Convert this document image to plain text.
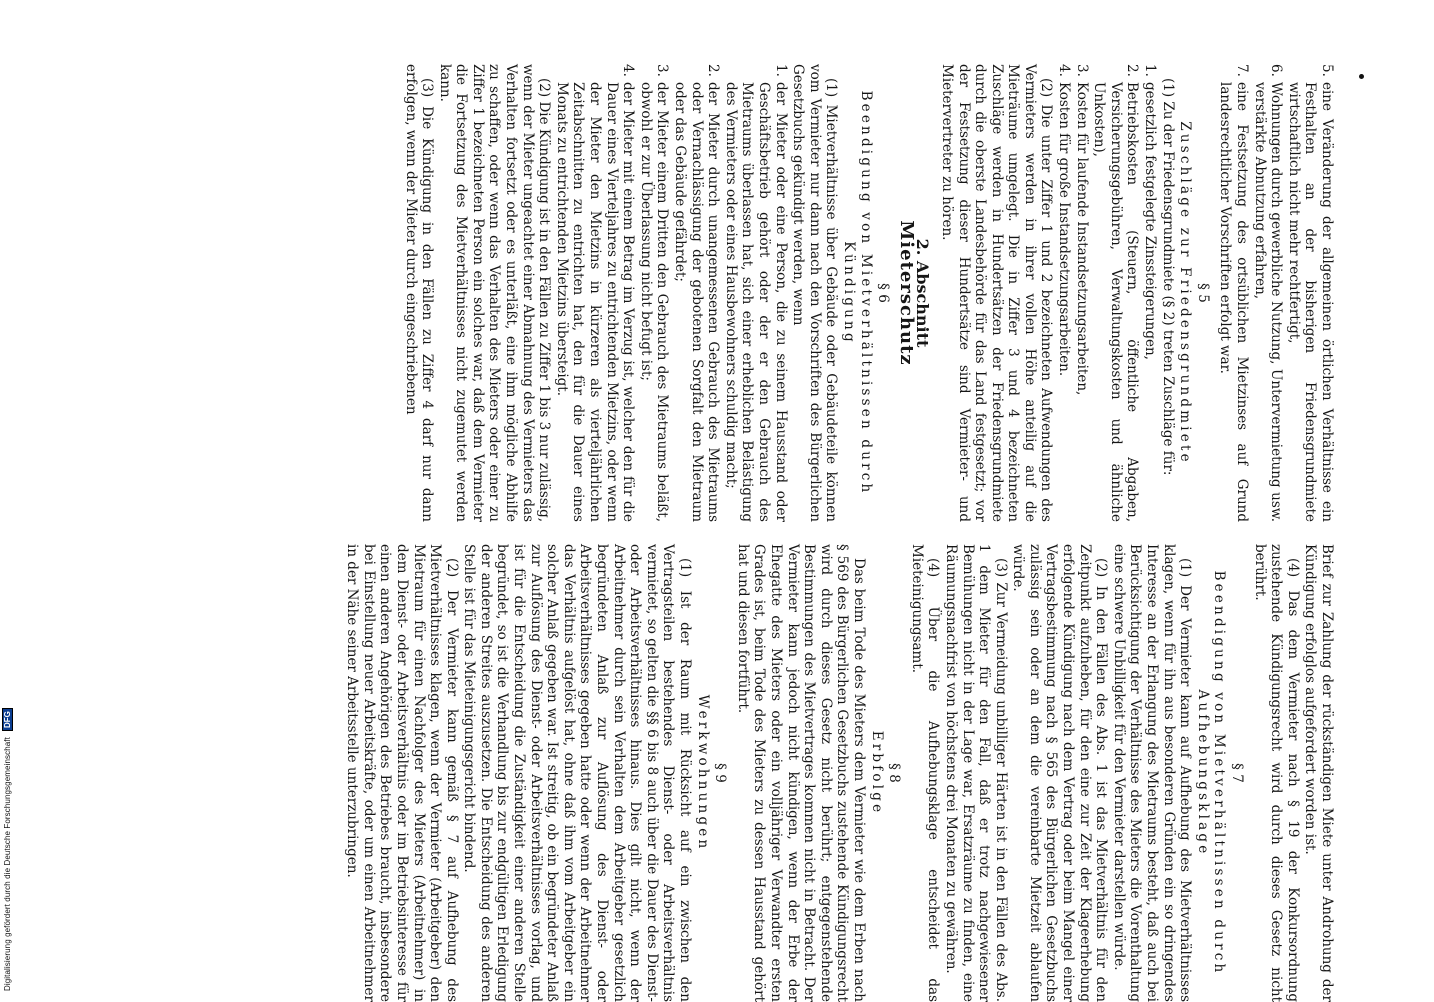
Digitalisierung gefördert durch die Deutsche Forschungsgemeinschaft
DFG

5.
eine Veränderung der allgemeinen örtlichen Verhältnisse ein Festhalten an der bisherigen Friedensgrundmiete wirtschaftlich nicht mehr rechtfertigt,

6.
Wohnungen durch gewerbliche Nutzung, Untervermietung usw. verstärkte Abnutzung erfahren,

7.
eine Festsetzung des ortsüblichen Mietzinses auf Grund landesrechtlicher Vorschriften erfolgt war.

§ 5
Zuschläge zur Friedensgrundmiete

(1) Zu der Friedensgrundmiete (§ 2) treten Zuschläge für:

1.
gesetzlich festgelegte Zinssteigerungen,

2.
Betriebskosten (Steuern, öffentliche Abgaben, Versicherungsgebühren, Verwaltungskosten und ähnliche Unkosten),

3.
Kosten für laufende Instandsetzungsarbeiten,

4.
Kosten für große Instandsetzungsarbeiten.

(2) Die unter Ziffer 1 und 2 bezeichneten Aufwendungen des Vermieters werden in ihrer vollen Höhe anteilig auf die Mieträume umgelegt. Die in Ziffer 3 und 4 bezeichneten Zuschläge werden in Hundertsätzen der Friedensgrundmiete durch die oberste Landesbehörde für das Land festgesetzt; vor der Festsetzung dieser Hundertsätze sind Vermieter- und Mietervertreter zu hören.

2. Abschnitt
Mieterschutz
§ 6
Beendigung von Mietverhältnissen durch Kündigung

(1) Mietverhältnisse über Gebäude oder Gebäudeteile können vom Vermieter nur dann nach den Vorschriften des Bürgerlichen Gesetzbuchs gekündigt werden, wenn

1.
der Mieter oder eine Person, die zu seinem Hausstand oder Geschäftsbetrieb gehört oder der er den Gebrauch des Mietraums überlassen hat, sich einer erheblichen Belästigung des Vermieters oder eines Hausbewohners schuldig macht;

2.
der Mieter durch unangemessenen Gebrauch des Mietraums oder Vernachlässigung der gebotenen Sorgfalt den Mietraum oder das Gebäude gefährdet;

3.
der Mieter einem Dritten den Gebrauch des Mietraums beläßt, obwohl er zur Überlassung nicht befugt ist;

4.
der Mieter mit einem Betrag im Verzug ist, welcher den für die Dauer eines Vierteljahres zu entrichtenden Mietzins, oder wenn der Mieter den Mietzins in kürzeren als vierteljährlichen Zeitabschnitten zu entrichten hat, den für die Dauer eines Monats zu entrichtenden Mietzins übersteigt.

(2) Die Kündigung ist in den Fällen zu Ziffer 1 bis 3 nur zulässig, wenn der Mieter ungeachtet einer Abmahnung des Vermieters das Verhalten fortsetzt oder es unterläßt, eine ihm mögliche Abhilfe zu schaffen, oder wenn das Verhalten des Mieters oder einer zu Ziffer 1 bezeichneten Person ein solches war, daß dem Vermieter die Fortsetzung des Mietverhältnisses nicht zugemutet werden kann.

(3) Die Kündigung in den Fällen zu Ziffer 4 darf nur dann erfolgen, wenn der Mieter durch eingeschriebenen

Brief zur Zahlung der rückständigen Miete unter Androhung der Kündigung erfolglos aufgefordert worden ist.

(4) Das dem Vermieter nach § 19 der Konkursordnung zustehende Kündigungsrecht wird durch dieses Gesetz nicht berührt.

§ 7
Beendigung von Mietverhältnissen durch Aufhebungsklage

(1) Der Vermieter kann auf Aufhebung des Mietverhältnisses klagen, wenn für ihn aus besonderen Gründen ein so dringendes Interesse an der Erlangung des Mietraums besteht, daß auch bei Berücksichtigung der Verhältnisse des Mieters die Vorenthaltung eine schwere Unbilligkeit für den Vermieter darstellen würde.

(2) In den Fällen des Abs. 1 ist das Mietverhältnis für den Zeitpunkt aufzuheben, für den eine zur Zeit der Klageerhebung erfolgende Kündigung nach dem Vertrag oder beim Mangel einer Vertragsbestimmung nach § 565 des Bürgerlichen Gesetzbuchs zulässig sein oder an dem die vereinbarte Mietzeit ablaufen würde.

(3) Zur Vermeidung unbilliger Härten ist in den Fällen des Abs. 1 dem Mieter für den Fall, daß er trotz nachgewiesener Bemühungen nicht in der Lage war, Ersatzräume zu finden, eine Räumungsnachfrist von höchstens drei Monaten zu gewähren.

(4) Über die Aufhebungsklage entscheidet das Mieteinigungsamt.

§ 8
Erbfolge

Das beim Tode des Mieters dem Vermieter wie dem Erben nach § 569 des Bürgerlichen Gesetzbuchs zustehende Kündigungsrecht wird durch dieses Gesetz nicht berührt; entgegenstehende Bestimmungen des Mietvertrages kommen nicht in Betracht. Der Vermieter kann jedoch nicht kündigen, wenn der Erbe der Ehegatte des Mieters oder ein volljähriger Verwandter ersten Grades ist, beim Tode des Mieters zu dessen Hausstand gehört hat und diesen fortführt.

§ 9
Werkwohnungen

(1) Ist der Raum mit Rücksicht auf ein zwischen den Vertragsteilen bestehendes Dienst- oder Arbeitsverhältnis vermietet, so gelten die §§ 6 bis 8 auch über die Dauer des Dienst- oder Arbeitsverhältnisses hinaus. Dies gilt nicht, wenn der Arbeitnehmer durch sein Verhalten dem Arbeitgeber gesetzlich begründeten Anlaß zur Auflösung des Dienst- oder Arbeitsverhältnisses gegeben hatte oder wenn der Arbeitnehmer das Verhältnis aufgelöst hat, ohne daß ihm vom Arbeitgeber ein solcher Anlaß gegeben war. Ist streitig, ob ein begründeter Anlaß zur Auflösung des Dienst- oder Arbeitsverhältnisses vorlag, und ist für die Entscheidung die Zuständigkeit einer anderen Stelle begründet, so ist die Verhandlung bis zur endgültigen Erledigung der anderen Streites auszusetzen. Die Entscheidung des anderen Stelle ist für das Mieteinigungsgericht bindend.

(2) Der Vermieter kann gemäß § 7 auf Aufhebung des Mietverhältnisses klagen, wenn der Vermieter (Arbeitgeber) den Mietraum für einen Nachfolger des Mieters (Arbeitnehmer) in dem Dienst- oder Arbeitsverhältnis oder im Betriebsinteresse für einen anderen Angehörigen des Betriebes braucht, insbesondere bei Einstellung neuer Arbeitskräfte, oder um einen Arbeitnehmer in der Nähe seiner Arbeitsstelle unterzubringen.
